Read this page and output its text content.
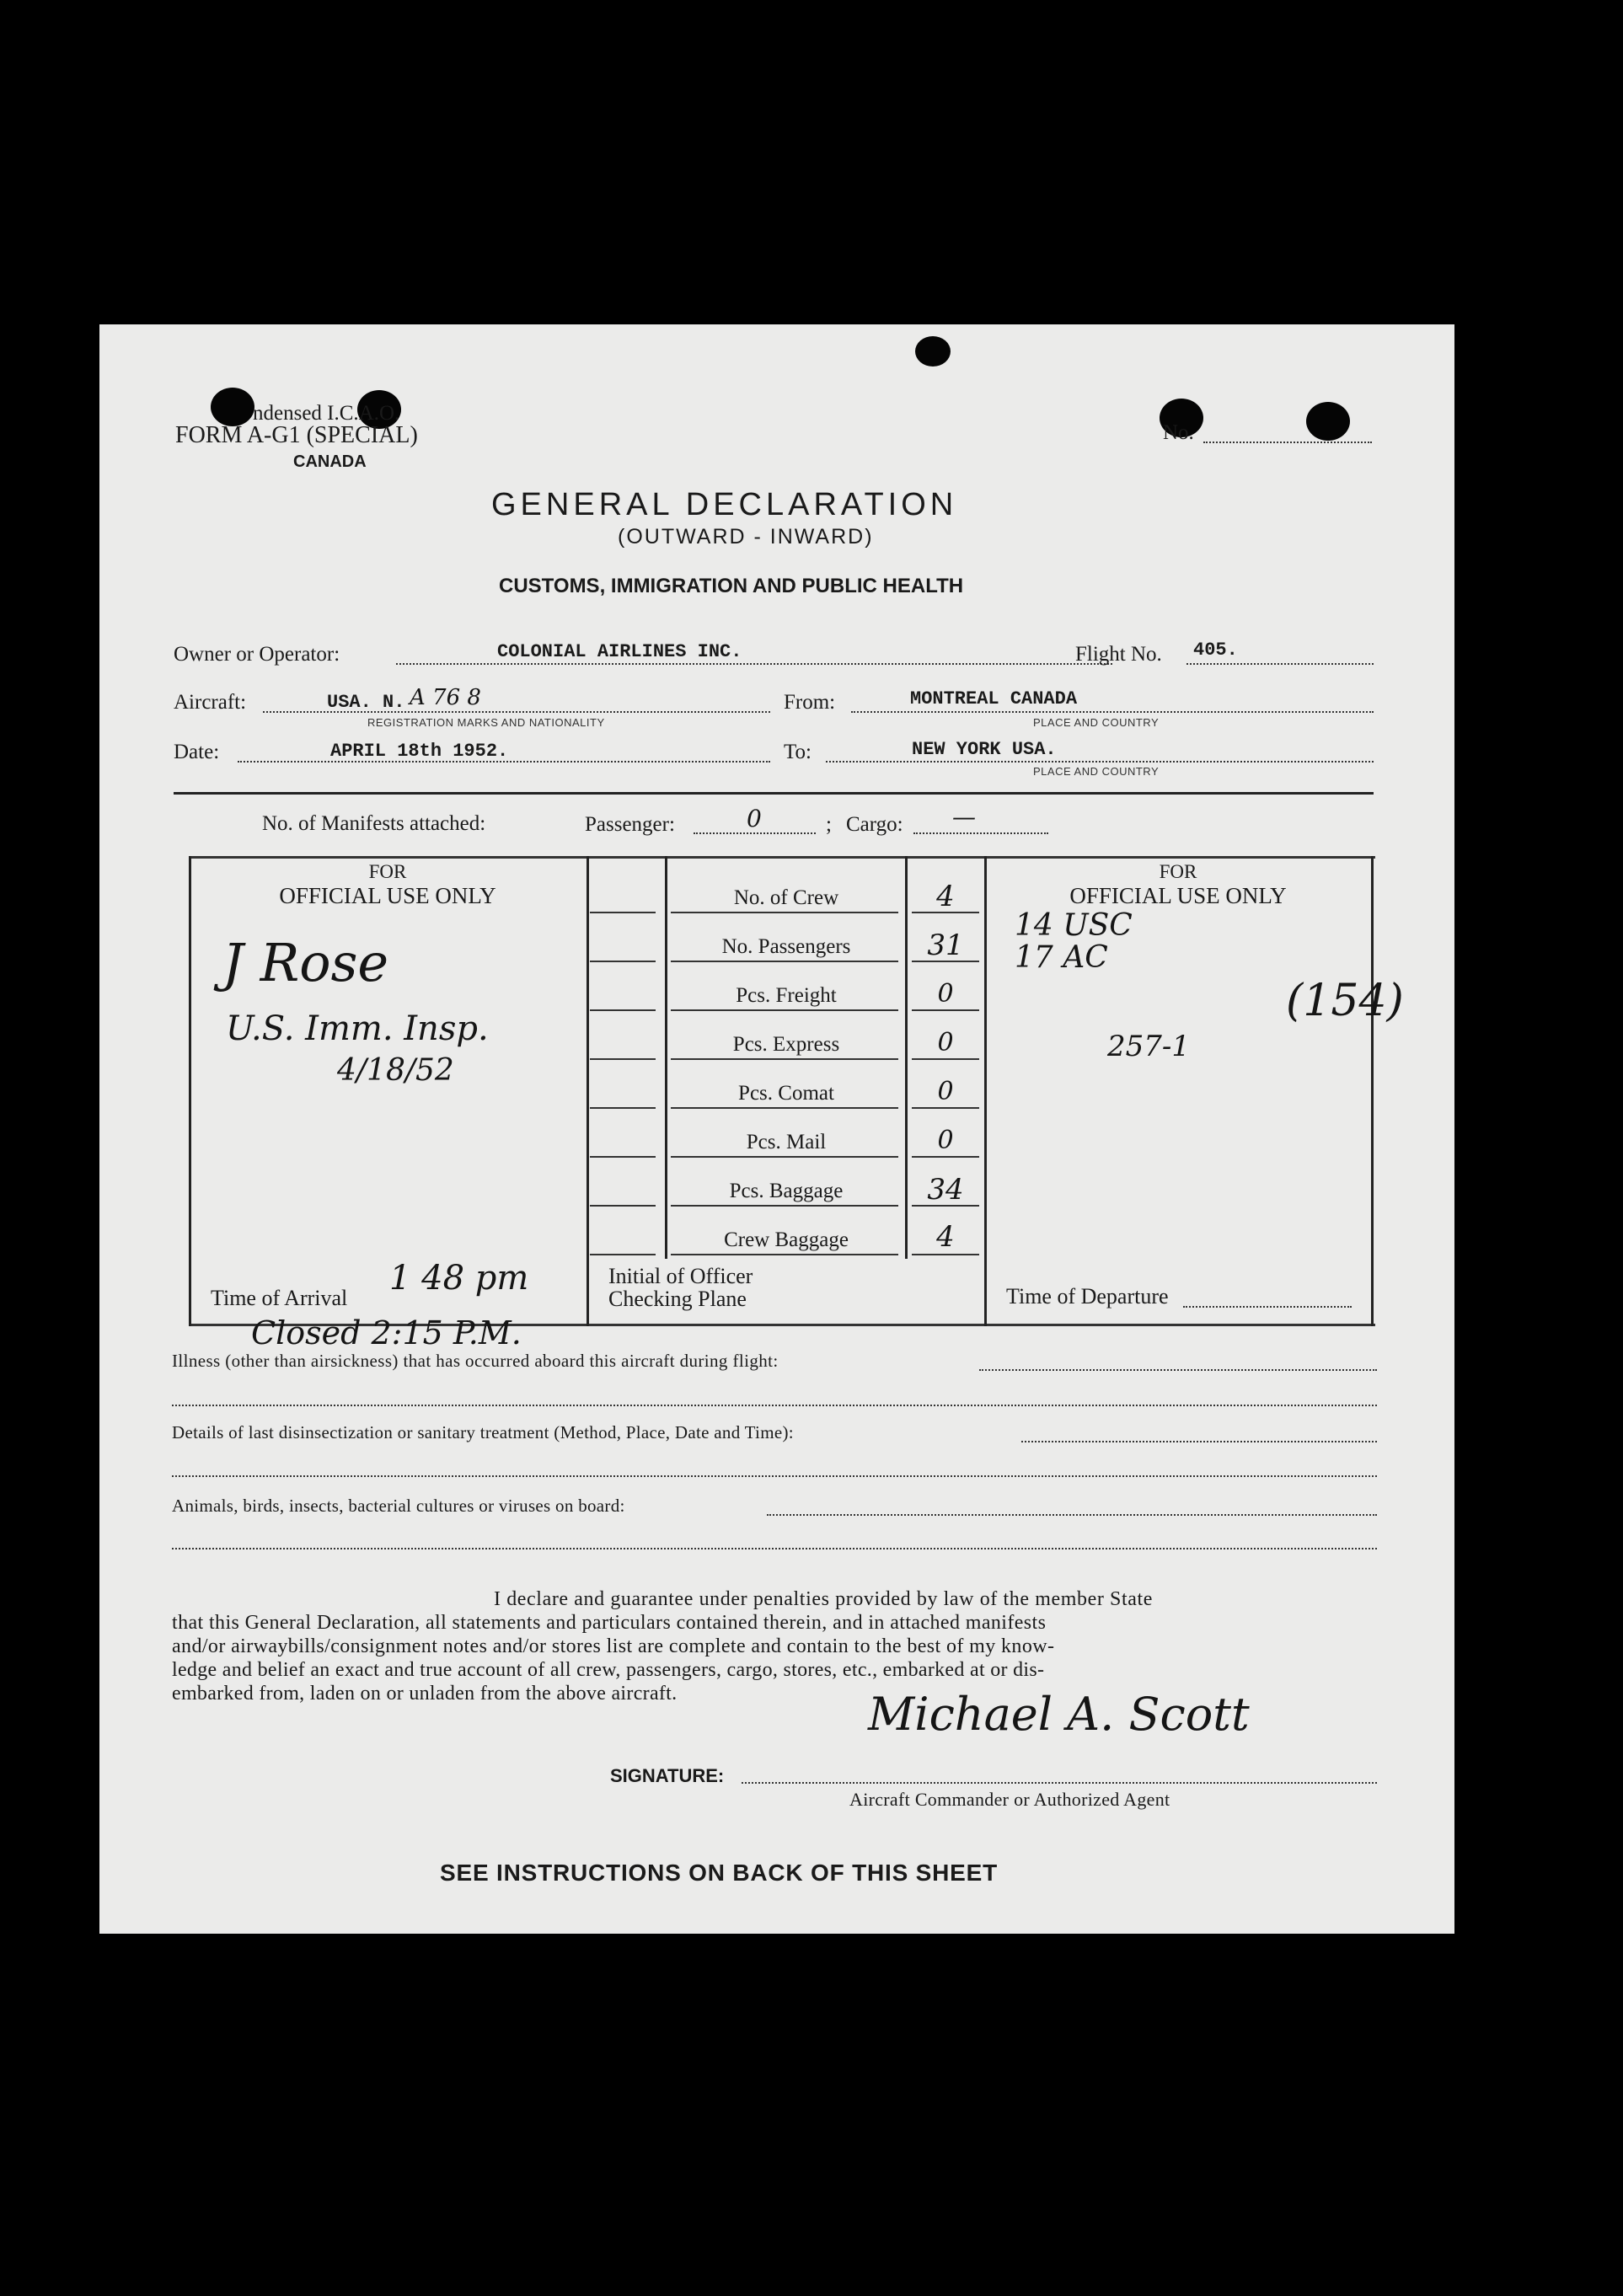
ndensed I.C.A.O.
FORM A-G1 (SPECIAL)
CANADA
No.
GENERAL DECLARATION
(OUTWARD - INWARD)
CUSTOMS, IMMIGRATION AND PUBLIC HEALTH
Owner or Operator:	COLONIAL AIRLINES INC.	Flight No. 405.
Aircraft:	USA. N. A 76 8
REGISTRATION MARKS AND NATIONALITY
From:	MONTREAL CANADA
PLACE AND COUNTRY
Date:	APRIL 18th 1952.	To:	NEW YORK USA.
PLACE AND COUNTRY
No. of Manifests attached:	Passenger:	0	; Cargo: —
FOR
OFFICIAL USE ONLY
FOR
OFFICIAL USE ONLY
No. of Crew	4
No. Passengers	31
Pcs. Freight	0
Pcs. Express	0
Pcs. Comat	0
Pcs. Mail	0
Pcs. Baggage	34
Crew Baggage	4
Time of Arrival
1 48 pm	Initial of Officer
Checking Plane	Time of Departure
J Rose
U.S. Imm. Insp.
4/18/52
14 USC
17 AC
257-1
(154)
Closed 2:15 P.M.
Illness (other than airsickness) that has occurred aboard this aircraft during flight:
Details of last disinsectization or sanitary treatment (Method, Place, Date and Time):
Animals, birds, insects, bacterial cultures or viruses on board:
I declare and guarantee under penalties provided by law of the member State
that this General Declaration, all statements and particulars contained therein, and in attached manifests
and/or airwaybills/consignment notes and/or stores list are complete and contain to the best of my know-
ledge and belief an exact and true account of all crew, passengers, cargo, stores, etc., embarked at or dis-
embarked from, laden on or unladen from the above aircraft.	Michael A. Scott
SIGNATURE:
Aircraft Commander or Authorized Agent
SEE INSTRUCTIONS ON BACK OF THIS SHEET
